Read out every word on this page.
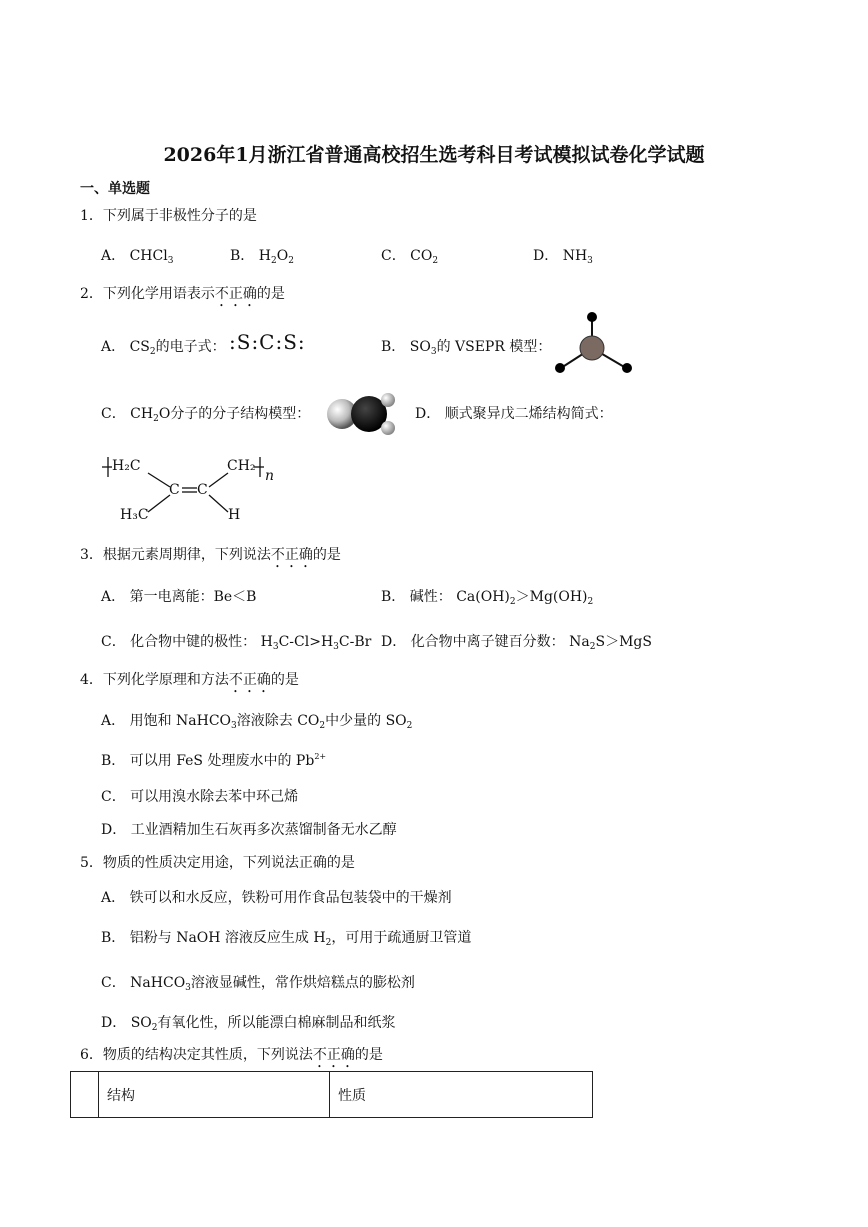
2026年1月浙江省普通高校招生选考科目考试模拟试卷化学试题
一、单选题
1．下列属于非极性分子的是
A． CHCl$_3$	B． $H_2O_2$	C． $CO_2$	D． $NH_3$
2．下列化学用语表示不正确的是
A． $CS_2$的电子式： :S:C:S:	B． $SO_3$的 VSEPR 模型：
C． $CH_2O$分子的分子结构模型：	D． 顺式聚异戊二烯结构简式：
H₂C	CH₂
C C
H₃C	H
n
3．根据元素周期律，下列说法不正确的是
A． 第一电离能：Be＜B	B． 碱性： $Ca(OH)_2>Mg(OH)_2$
C． 化合物中键的极性： $H_3C-Cl>H_3C-Br$ D． 化合物中离子键百分数： $Na_2S>MgS$
4．下列化学原理和方法不正确的是
A． 用饱和 NaHCO$_3$溶液除去 $CO_2$中少量的 $SO_2$
B． 可以用 FeS 处理废水中的 $Pb^{2+}$
C． 可以用溴水除去苯中环己烯
D． 工业酒精加生石灰再多次蒸馏制备无水乙醇
5．物质的性质决定用途，下列说法正确的是
A． 铁可以和水反应，铁粉可用作食品包装袋中的干燥剂
B． 铝粉与 NaOH 溶液反应生成 $H_2$，可用于疏通厨卫管道
C． NaHCO$_3$溶液显碱性，常作烘焙糕点的膨松剂
D． $SO_2$有氧化性，所以能漂白棉麻制品和纸浆
6．物质的结构决定其性质，下列说法不正确的是
	结构	性质
